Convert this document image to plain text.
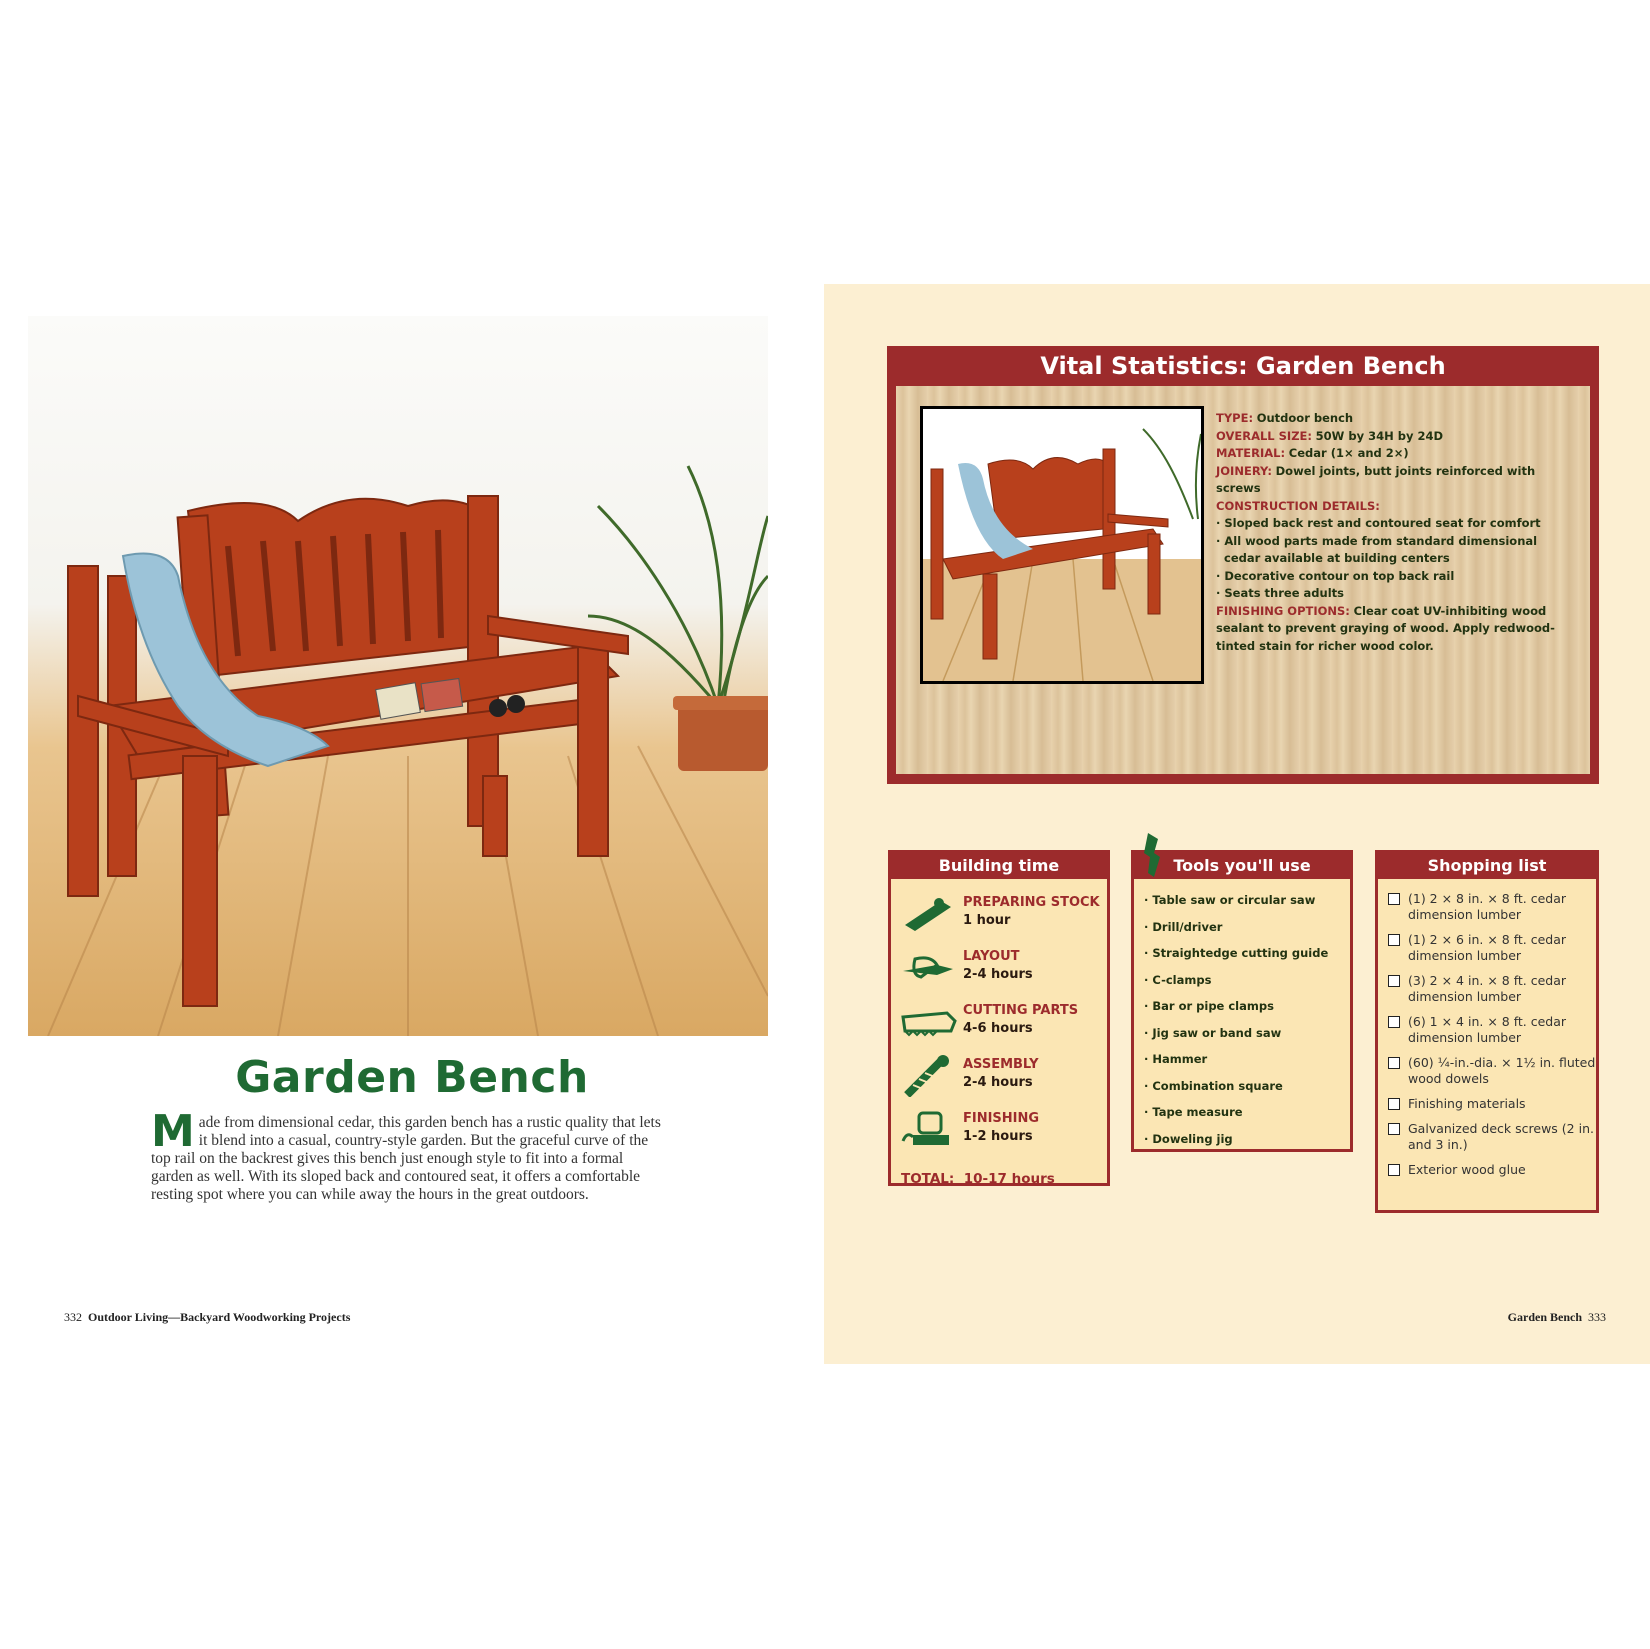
Garden Bench
Made from dimensional cedar, this garden bench has a rustic quality that lets it blend into a casual, country-style garden. But the graceful curve of the top rail on the backrest gives this bench just enough style to fit into a formal garden as well. With its sloped back and contoured seat, it offers a comfortable resting spot where you can while away the hours in the great outdoors.
332 Outdoor Living—Backyard Woodworking Projects
Vital Statistics: Garden Bench
TYPE: Outdoor bench
OVERALL SIZE: 50W by 34H by 24D
MATERIAL: Cedar (1× and 2×)
JOINERY: Dowel joints, butt joints reinforced with screws
CONSTRUCTION DETAILS:
· Sloped back rest and contoured seat for comfort
· All wood parts made from standard dimensional cedar available at building centers
· Decorative contour on top back rail
· Seats three adults
FINISHING OPTIONS: Clear coat UV-inhibiting wood sealant to prevent graying of wood. Apply redwood-tinted stain for richer wood color.
Building time
PREPARING STOCK
1 hour
LAYOUT
2-4 hours
CUTTING PARTS
4-6 hours
ASSEMBLY
2-4 hours
FINISHING
1-2 hours
TOTAL: 10-17 hours
Tools you'll use
· Table saw or circular saw
· Drill/driver
· Straightedge cutting guide
· C-clamps
· Bar or pipe clamps
· Jig saw or band saw
· Hammer
· Combination square
· Tape measure
· Doweling jig
Shopping list
(1) 2 × 8 in. × 8 ft. cedar dimension lumber
(1) 2 × 6 in. × 8 ft. cedar dimension lumber
(3) 2 × 4 in. × 8 ft. cedar dimension lumber
(6) 1 × 4 in. × 8 ft. cedar dimension lumber
(60) ¼-in.-dia. × 1½ in. fluted wood dowels
Finishing materials
Galvanized deck screws (2 in. and 3 in.)
Exterior wood glue
Garden Bench 333
